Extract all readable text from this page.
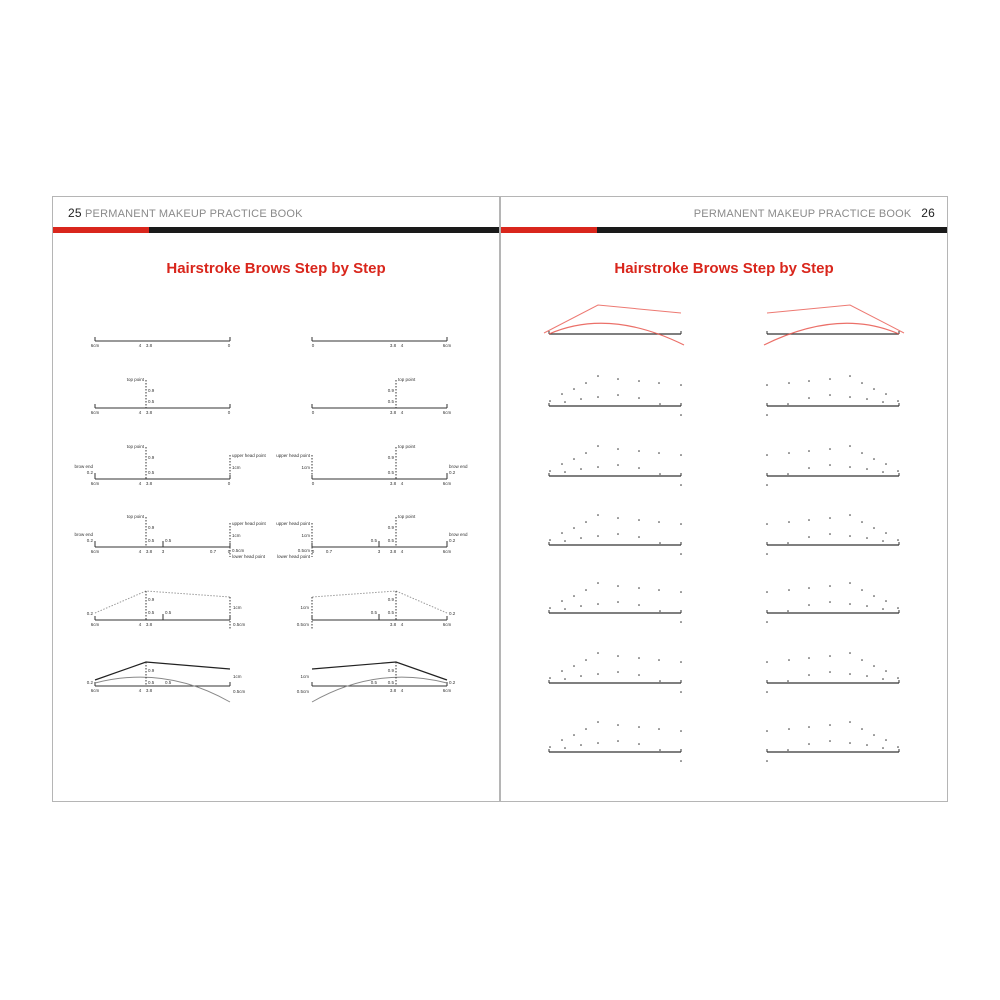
25 PERMANENT MAKEUP PRACTICE BOOK
Hairstroke Brows Step by Step
PERMANENT MAKEUP PRACTICE BOOK 26
Hairstroke Brows Step by Step
6cm	4 3.8	0	6cm
4
3.8
0
6cm	4 3.8	0
top point
0.9
0.5
6cm
4
3.8
0
top point
0.9
0.5
6cm	4 3.8	0
top point
0.9
0.5
brow end
0.2
upper head point
1cm
6cm
4
3.8
0
top point
0.9
0.5
brow end
0.2
upper head point
1cm
6cm	4 3.8	0
top point
0.9
0.5
brow end
0.2
upper head point
1cm
0.5
3	0.7	0.5cm
lower head point
6cm
4
3.8
0
top point
0.9
0.5
brow end
0.2
upper head point
1cm
0.5
3
0.7
0.5cm
lower head point
6cm	4 3.8
0.2
0.9
0.5 0.5
1cm
0.5cm	6cm
4
3.8
0.2
0.9
0.5
0.5
1cm
0.5cm
6cm	4 3.8
0.2
0.9
0.5 0.5
1cm
0.5cm	6cm
4
3.8
0.2
0.9
0.5
0.5
1cm
0.5cm
